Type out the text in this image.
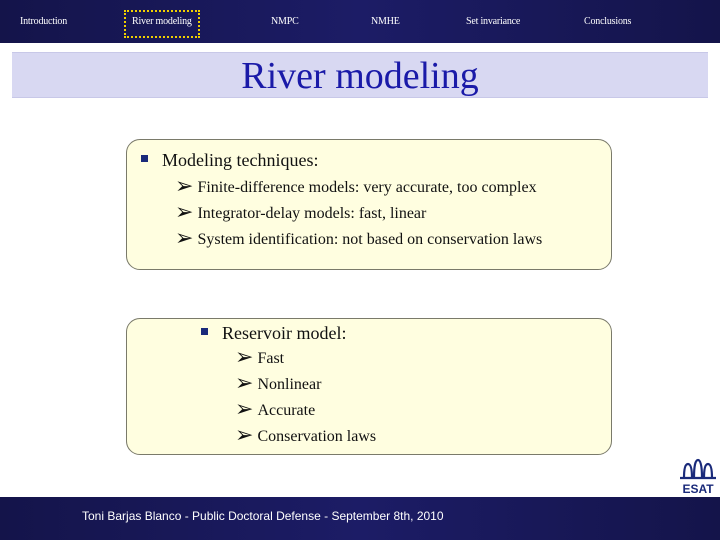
Introduction	River modeling	NMPC	NMHE	Set invariance	Conclusions
River modeling
Modeling techniques:
➢ Finite-difference models: very accurate, too complex
➢ Integrator-delay models: fast, linear
➢ System identification: not based on conservation laws
Reservoir model:
➢ Fast
➢ Nonlinear
➢ Accurate
➢ Conservation laws
ESAT
Toni Barjas Blanco - Public Doctoral Defense - September 8th, 2010
